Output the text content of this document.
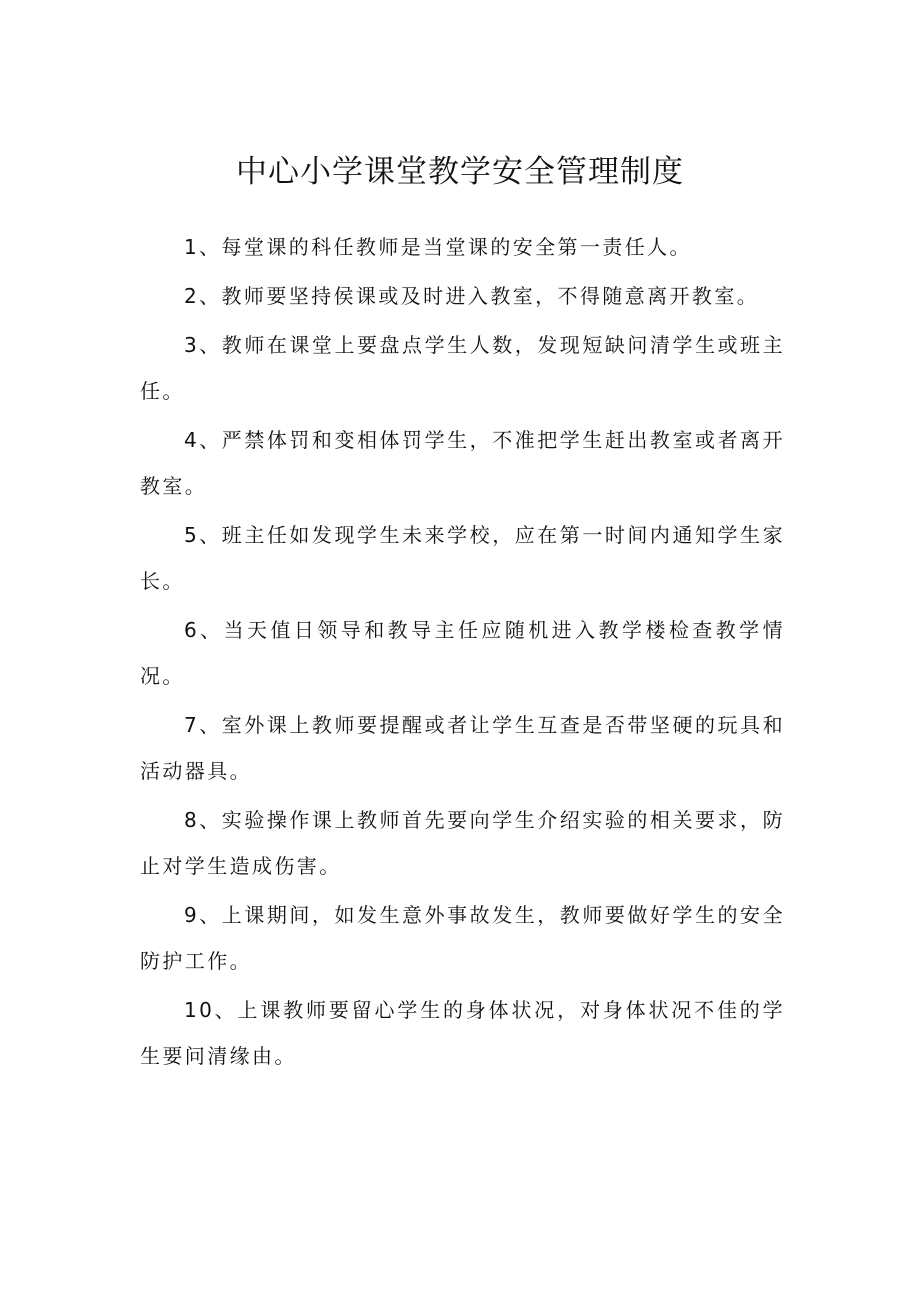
中心小学课堂教学安全管理制度

1、每堂课的科任教师是当堂课的安全第一责任人。

2、教师要坚持侯课或及时进入教室，不得随意离开教室。

3、教师在课堂上要盘点学生人数，发现短缺问清学生或班主任。

4、严禁体罚和变相体罚学生，不准把学生赶出教室或者离开教室。

5、班主任如发现学生未来学校，应在第一时间内通知学生家长。

6、当天值日领导和教导主任应随机进入教学楼检查教学情况。

7、室外课上教师要提醒或者让学生互查是否带坚硬的玩具和活动器具。

8、实验操作课上教师首先要向学生介绍实验的相关要求，防止对学生造成伤害。

9、上课期间，如发生意外事故发生，教师要做好学生的安全防护工作。

10、上课教师要留心学生的身体状况，对身体状况不佳的学生要问清缘由。
